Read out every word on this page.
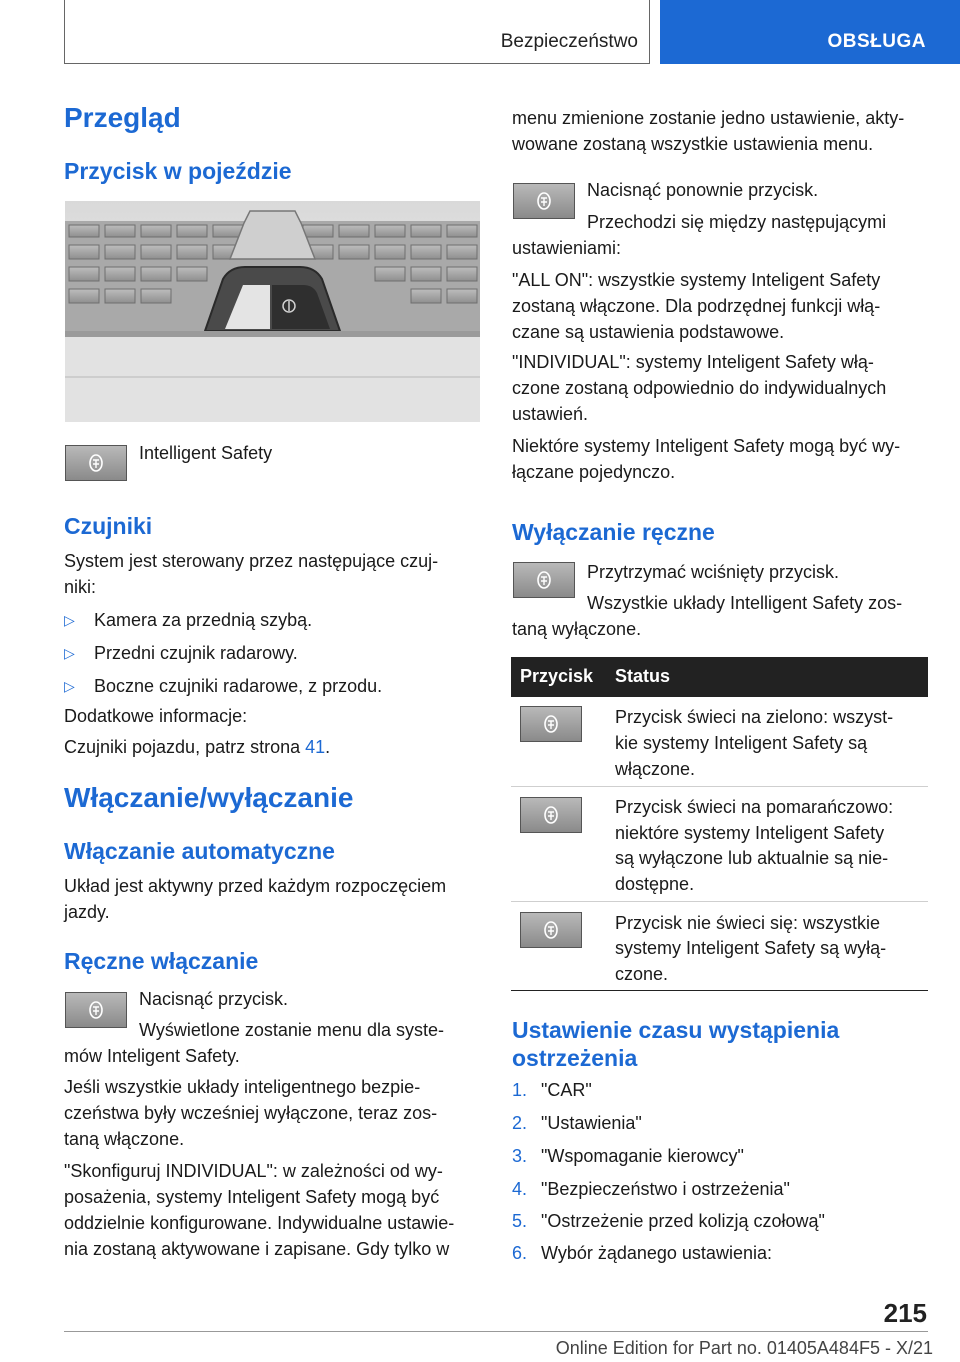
Bezpieczeństwo	OBSŁUGA
Przegląd
Przycisk w pojeździe
Intelligent Safety
Czujniki
System jest sterowany przez następujące czuj-
niki:
▷ Kamera za przednią szybą.
▷ Przedni czujnik radarowy.
▷ Boczne czujniki radarowe, z przodu.
Dodatkowe informacje:
Czujniki pojazdu, patrz strona 41.
Włączanie/wyłączanie
Włączanie automatyczne
Układ jest aktywny przed każdym rozpoczęciem
jazdy.
Ręczne włączanie
Nacisnąć przycisk.
Wyświetlone zostanie menu dla syste-
mów Inteligent Safety.
Jeśli wszystkie układy inteligentnego bezpie-
czeństwa były wcześniej wyłączone, teraz zos-
taną włączone.
"Skonfiguruj INDIVIDUAL": w zależności od wy-
posażenia, systemy Inteligent Safety mogą być
oddzielnie konfigurowane. Indywidualne ustawie-
nia zostaną aktywowane i zapisane. Gdy tylko w
menu zmienione zostanie jedno ustawienie, akty-
wowane zostaną wszystkie ustawienia menu.
Nacisnąć ponownie przycisk.
Przechodzi się między następującymi
ustawieniami:
"ALL ON": wszystkie systemy Inteligent Safety
zostaną włączone. Dla podrzędnej funkcji włą-
czane są ustawienia podstawowe.
"INDIVIDUAL": systemy Inteligent Safety włą-
czone zostaną odpowiednio do indywidualnych
ustawień.
Niektóre systemy Inteligent Safety mogą być wy-
łączane pojedynczo.
Wyłączanie ręczne
Przytrzymać wciśnięty przycisk.
Wszystkie układy Intelligent Safety zos-
taną wyłączone.
Przycisk Status
Przycisk świeci na zielono: wszyst-
kie systemy Inteligent Safety są
włączone.
Przycisk świeci na pomarańczowo:
niektóre systemy Inteligent Safety
są wyłączone lub aktualnie są nie-
dostępne.
Przycisk nie świeci się: wszystkie
systemy Inteligent Safety są wyłą-
czone.
Ustawienie czasu wystąpienia
ostrzeżenia
1. "CAR"
2. "Ustawienia"
3. "Wspomaganie kierowcy"
4. "Bezpieczeństwo i ostrzeżenia"
5. "Ostrzeżenie przed kolizją czołową"
6. Wybór żądanego ustawienia:
215
Online Edition for Part no. 01405A484F5 - X/21
